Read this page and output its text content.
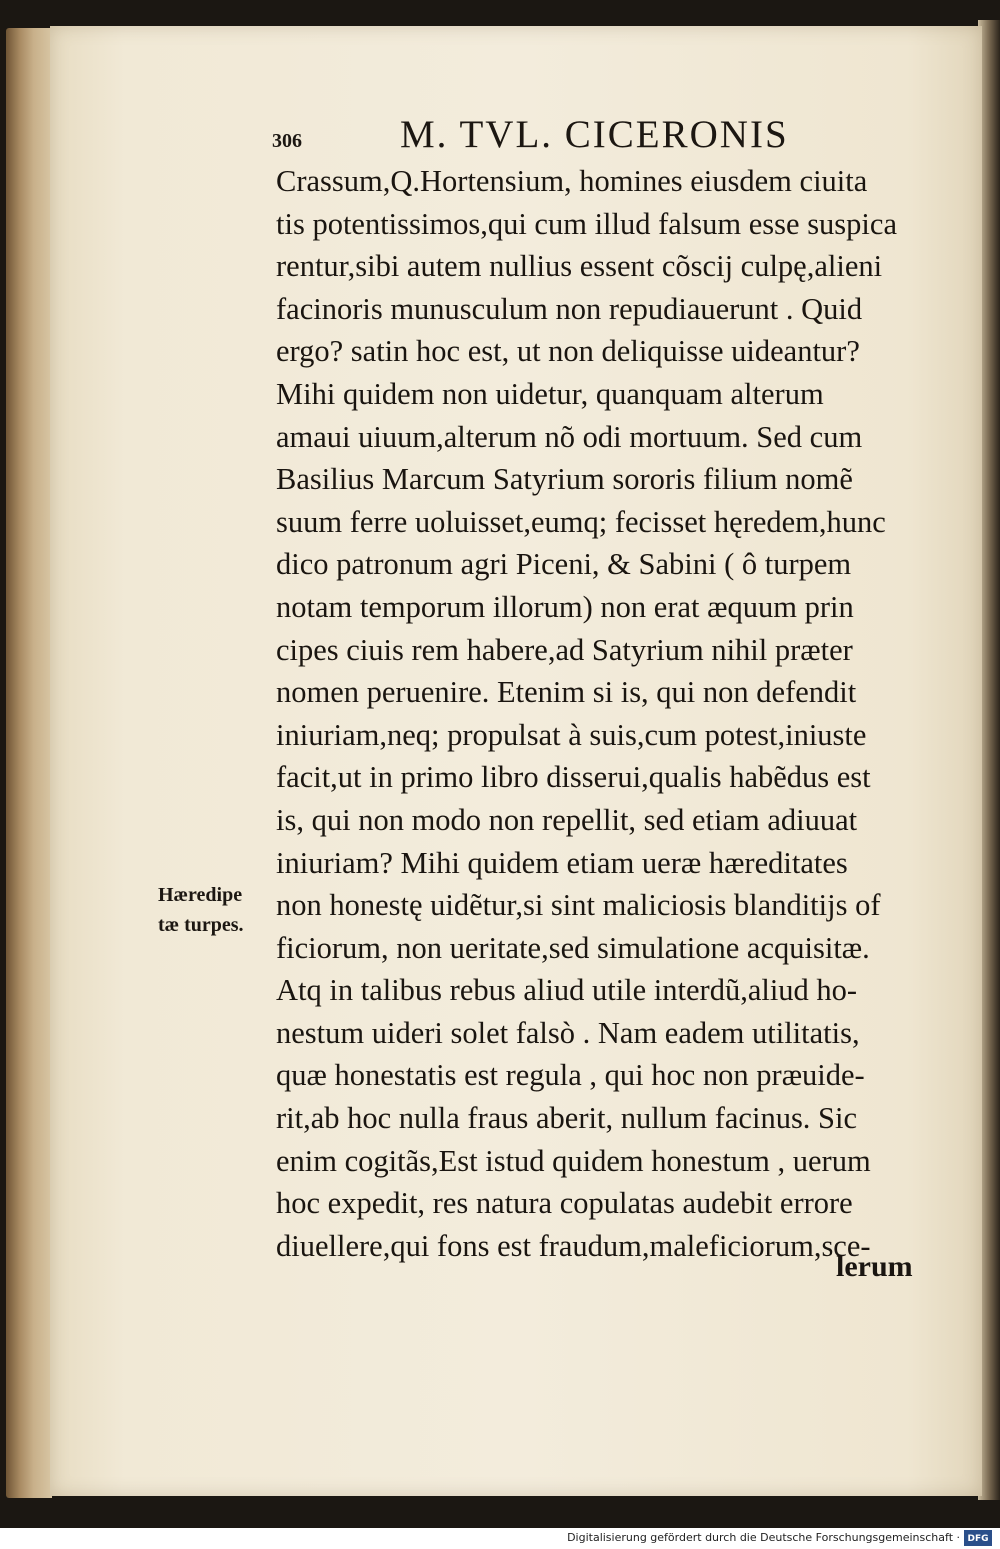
306	M. TVL. CICERONIS
Crassum,Q.Hortensium, homines eiusdem ciuita
tis potentissimos,qui cum illud falsum esse suspica
rentur,sibi autem nullius essent cõscij culpę,alieni
facinoris munusculum non repudiauerunt . Quid
ergo? satin hoc est, ut non deliquisse uideantur?
Mihi quidem non uidetur, quanquam alterum
amaui uiuum,alterum nõ odi mortuum. Sed cum
Basilius Marcum Satyrium sororis filium nomẽ
suum ferre uoluisset,eumq; fecisset hęredem,hunc
dico patronum agri Piceni, & Sabini ( ô turpem
notam temporum illorum) non erat æquum prin
cipes ciuis rem habere,ad Satyrium nihil præter
nomen peruenire. Etenim si is, qui non defendit
iniuriam,neq; propulsat à suis,cum potest,iniuste
facit,ut in primo libro disserui,qualis habẽdus est
is, qui non modo non repellit, sed etiam adiuuat
iniuriam? Mihi quidem etiam ueræ hæreditates
non honestę uidẽtur,si sint maliciosis blanditijs of
ficiorum, non ueritate,sed simulatione acquisitæ.
Atq in talibus rebus aliud utile interdũ,aliud ho-
nestum uideri solet falsò . Nam eadem utilitatis,
quæ honestatis est regula , qui hoc non præuide-
rit,ab hoc nulla fraus aberit, nullum facinus. Sic
enim cogitãs,Est istud quidem honestum , uerum
hoc expedit, res natura copulatas audebit errore
diuellere,qui fons est fraudum,maleficiorum,sce-
Hæredipe
tæ turpes.
lerum
Digitalisierung gefördert durch die Deutsche Forschungsgemeinschaft · DFG
